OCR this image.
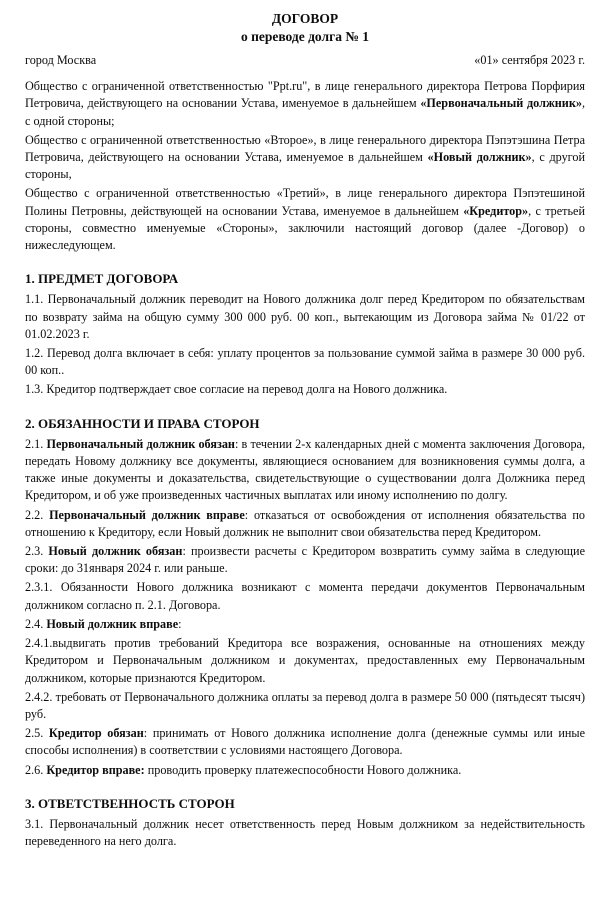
ДОГОВОР

о переводе долга № 1

город Москва	«01» сентября 2023 г.

Общество с ограниченной ответственностью "Ppt.ru", в лице генерального директора Петрова Порфирия Петровича, действующего на основании Устава, именуемое в дальнейшем «Первоначальный должник», с одной стороны;

Общество с ограниченной ответственностью «Второе», в лице генерального директора Пэпэтэшина Петра Петровича, действующего на основании Устава, именуемое в дальнейшем «Новый должник», с другой стороны,

Общество с ограниченной ответственностью «Третий», в лице генерального директора Пэпэтешиной Полины Петровны, действующей на основании Устава, именуемое в дальнейшем «Кредитор», с третьей стороны, совместно именуемые «Стороны», заключили настоящий договор (далее -Договор) о нижеследующем.

1. ПРЕДМЕТ ДОГОВОРА

1.1. Первоначальный должник переводит на Нового должника долг перед Кредитором по обязательствам по возврату займа на общую сумму 300 000 руб. 00 коп., вытекающим из Договора займа № 01/22 от 01.02.2023 г.

1.2. Перевод долга включает в себя: уплату процентов за пользование суммой займа в размере 30 000 руб. 00 коп..

1.3. Кредитор подтверждает свое согласие на перевод долга на Нового должника.

2. ОБЯЗАННОСТИ И ПРАВА СТОРОН

2.1. Первоначальный должник обязан: в течении 2-х календарных дней с момента заключения Договора, передать Новому должнику все документы, являющиеся основанием для возникновения суммы долга, а также иные документы и доказательства, свидетельствующие о существовании долга Должника перед Кредитором, и об уже произведенных частичных выплатах или иному исполнению по долгу.

2.2. Первоначальный должник вправе: отказаться от освобождения от исполнения обязательства по отношению к Кредитору, если Новый должник не выполнит свои обязательства перед Кредитором.

2.3. Новый должник обязан: произвести расчеты с Кредитором возвратить сумму займа в следующие сроки: до 31января 2024 г. или раньше.

2.3.1. Обязанности Нового должника возникают с момента передачи документов Первоначальным должником согласно п. 2.1. Договора.

2.4. Новый должник вправе:

2.4.1.выдвигать против требований Кредитора все возражения, основанные на отношениях между Кредитором и Первоначальным должником и документах, предоставленных ему Первоначальным должником, которые признаются Кредитором.

2.4.2. требовать от Первоначального должника оплаты за перевод долга в размере 50 000 (пятьдесят тысяч) руб.

2.5. Кредитор обязан: принимать от Нового должника исполнение долга (денежные суммы или иные способы исполнения) в соответствии с условиями настоящего Договора.

2.6. Кредитор вправе: проводить проверку платежеспособности Нового должника.

3. ОТВЕТСТВЕННОСТЬ СТОРОН

3.1. Первоначальный должник несет ответственность перед Новым должником за недействительность переведенного на него долга.
